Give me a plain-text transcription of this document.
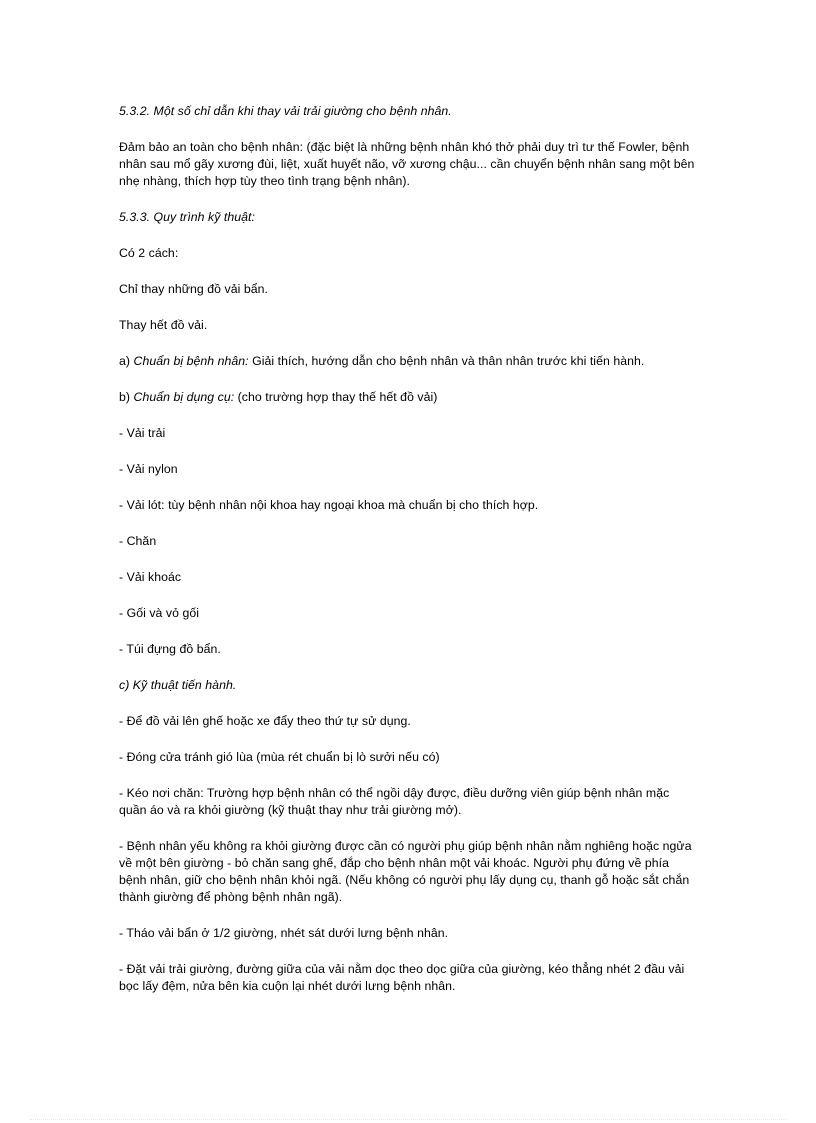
5.3.2. Một số chỉ dẫn khi thay vải trải giường cho bệnh nhân.

Đảm bảo an toàn cho bệnh nhân: (đặc biệt là những bệnh nhân khó thở phải duy trì tư thế Fowler, bệnh nhân sau mổ gãy xương đùi, liệt, xuất huyết não, vỡ xương chậu... cần chuyển bệnh nhân sang một bên nhẹ nhàng, thích hợp tùy theo tình trạng bệnh nhân).

5.3.3. Quy trình kỹ thuật:

Có 2 cách:

Chỉ thay những đồ vải bẩn.

Thay hết đồ vải.

a) Chuẩn bị bệnh nhân: Giải thích, hướng dẫn cho bệnh nhân và thân nhân trước khi tiến hành.

b) Chuẩn bị dụng cụ: (cho trường hợp thay thế hết đồ vải)

- Vải trải

- Vải nylon

- Vải lót: tùy bệnh nhân nội khoa hay ngoại khoa mà chuẩn bị cho thích hợp.

- Chăn

- Vải khoác

- Gối và vỏ gối

- Túi đựng đồ bẩn.

c) Kỹ thuật tiến hành.

- Để đồ vải lên ghế hoặc xe đẩy theo thứ tự sử dụng.

- Đóng cửa tránh gió lùa (mùa rét chuẩn bị lò sưởi nếu có)

- Kéo nơi chăn: Trường hợp bệnh nhân có thể ngồi dậy được, điều dưỡng viên giúp bệnh nhân mặc quần áo và ra khỏi giường (kỹ thuật thay như trải giường mở).

- Bệnh nhân yếu không ra khỏi giường được cần có người phụ giúp bệnh nhân nằm nghiêng hoặc ngửa về một bên giường - bỏ chăn sang ghế, đắp cho bệnh nhân một vải khoác. Người phụ đứng về phía bệnh nhân, giữ cho bệnh nhân khỏi ngã. (Nếu không có người phụ lấy dụng cụ, thanh gỗ hoặc sắt chắn thành giường để phòng bệnh nhân ngã).

- Tháo vải bẩn ở 1/2 giường, nhét sát dưới lưng bệnh nhân.

- Đặt vải trải giường, đường giữa của vải nằm dọc theo dọc giữa của giường, kéo thẳng nhét 2 đầu vải bọc lấy đệm, nửa bên kia cuộn lại nhét dưới lưng bệnh nhân.
